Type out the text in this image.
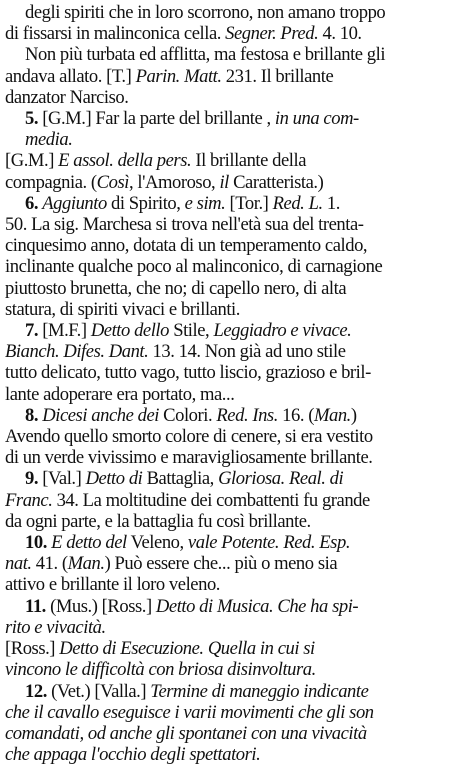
degli spiriti che in loro scorrono, non amano troppo
di fissarsi in malinconica cella. Segner. Pred. 4. 10.
Non più turbata ed afflitta, ma festosa e brillante gli
andava allato. [T.] Parin. Matt. 231. Il brillante
danzator Narciso.
5. [G.M.] Far la parte del brillante , in una com-
media.
[G.M.] E assol. della pers. Il brillante della
compagnia. (Così, l'Amoroso, il Caratterista.)
6. Aggiunto di Spirito, e sim. [Tor.] Red. L. 1.
50. La sig. Marchesa si trova nell'età sua del trenta-
cinquesimo anno, dotata di un temperamento caldo,
inclinante qualche poco al malinconico, di carnagione
piuttosto brunetta, che no; di capello nero, di alta
statura, di spiriti vivaci e brillanti.
7. [M.F.] Detto dello Stile, Leggiadro e vivace.
Bianch. Difes. Dant. 13. 14. Non già ad uno stile
tutto delicato, tutto vago, tutto liscio, grazioso e bril-
lante adoperare era portato, ma...
8. Dicesi anche dei Colori. Red. Ins. 16. (Man.)
Avendo quello smorto colore di cenere, si era vestito
di un verde vivissimo e maravigliosamente brillante.
9. [Val.] Detto di Battaglia, Gloriosa. Real. di
Franc. 34. La moltitudine dei combattenti fu grande
da ogni parte, e la battaglia fu così brillante.
10. E detto del Veleno, vale Potente. Red. Esp.
nat. 41. (Man.) Può essere che... più o meno sia
attivo e brillante il loro veleno.
11. (Mus.) [Ross.] Detto di Musica. Che ha spi-
rito e vivacità.
[Ross.] Detto di Esecuzione. Quella in cui si
vincono le difficoltà con briosa disinvoltura.
12. (Vet.) [Valla.] Termine di maneggio indicante
che il cavallo eseguisce i varii movimenti che gli son
comandati, od anche gli spontanei con una vivacità
che appaga l'occhio degli spettatori.
